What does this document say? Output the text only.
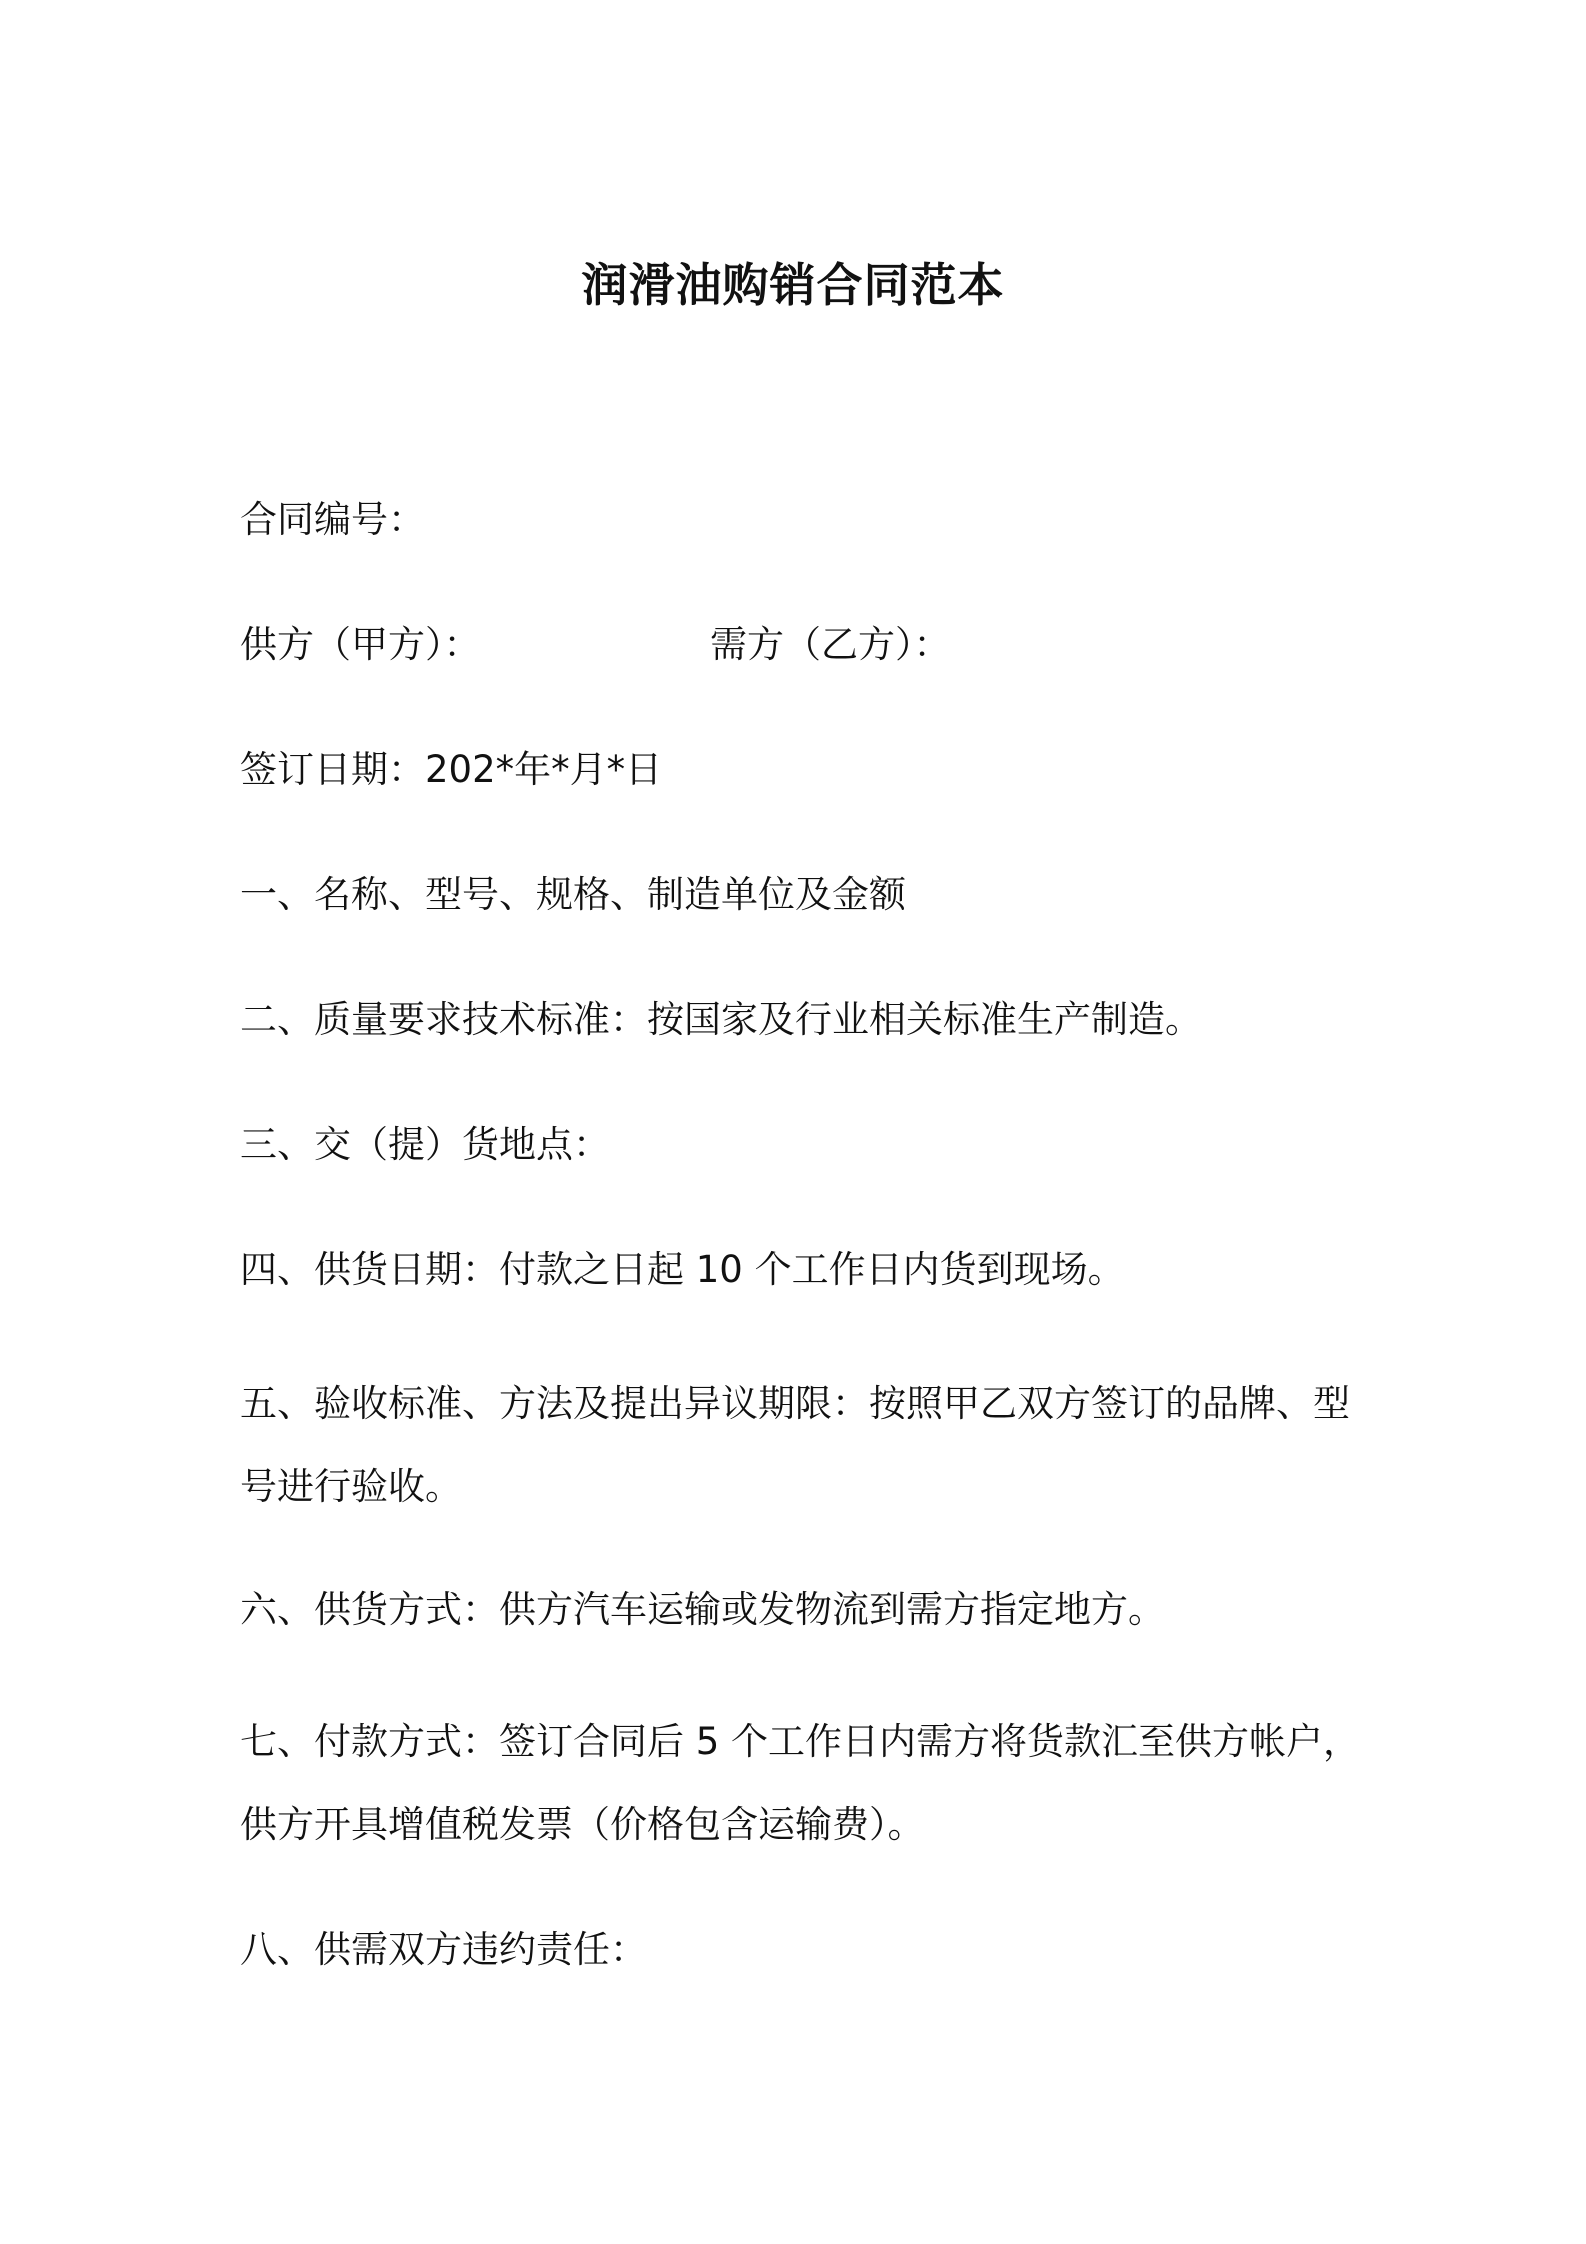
润滑油购销合同范本
合同编号：
供方（甲方）：	需方（乙方）：
签订日期：202*年*月*日
一、名称、型号、规格、制造单位及金额
二、质量要求技术标准：按国家及行业相关标准生产制造。
三、交（提）货地点：
四、供货日期：付款之日起 10 个工作日内货到现场。
五、验收标准、方法及提出异议期限：按照甲乙双方签订的品牌、型
号进行验收。
六、供货方式：供方汽车运输或发物流到需方指定地方。
七、付款方式：签订合同后 5 个工作日内需方将货款汇至供方帐户，
供方开具增值税发票（价格包含运输费）。
八、供需双方违约责任：
